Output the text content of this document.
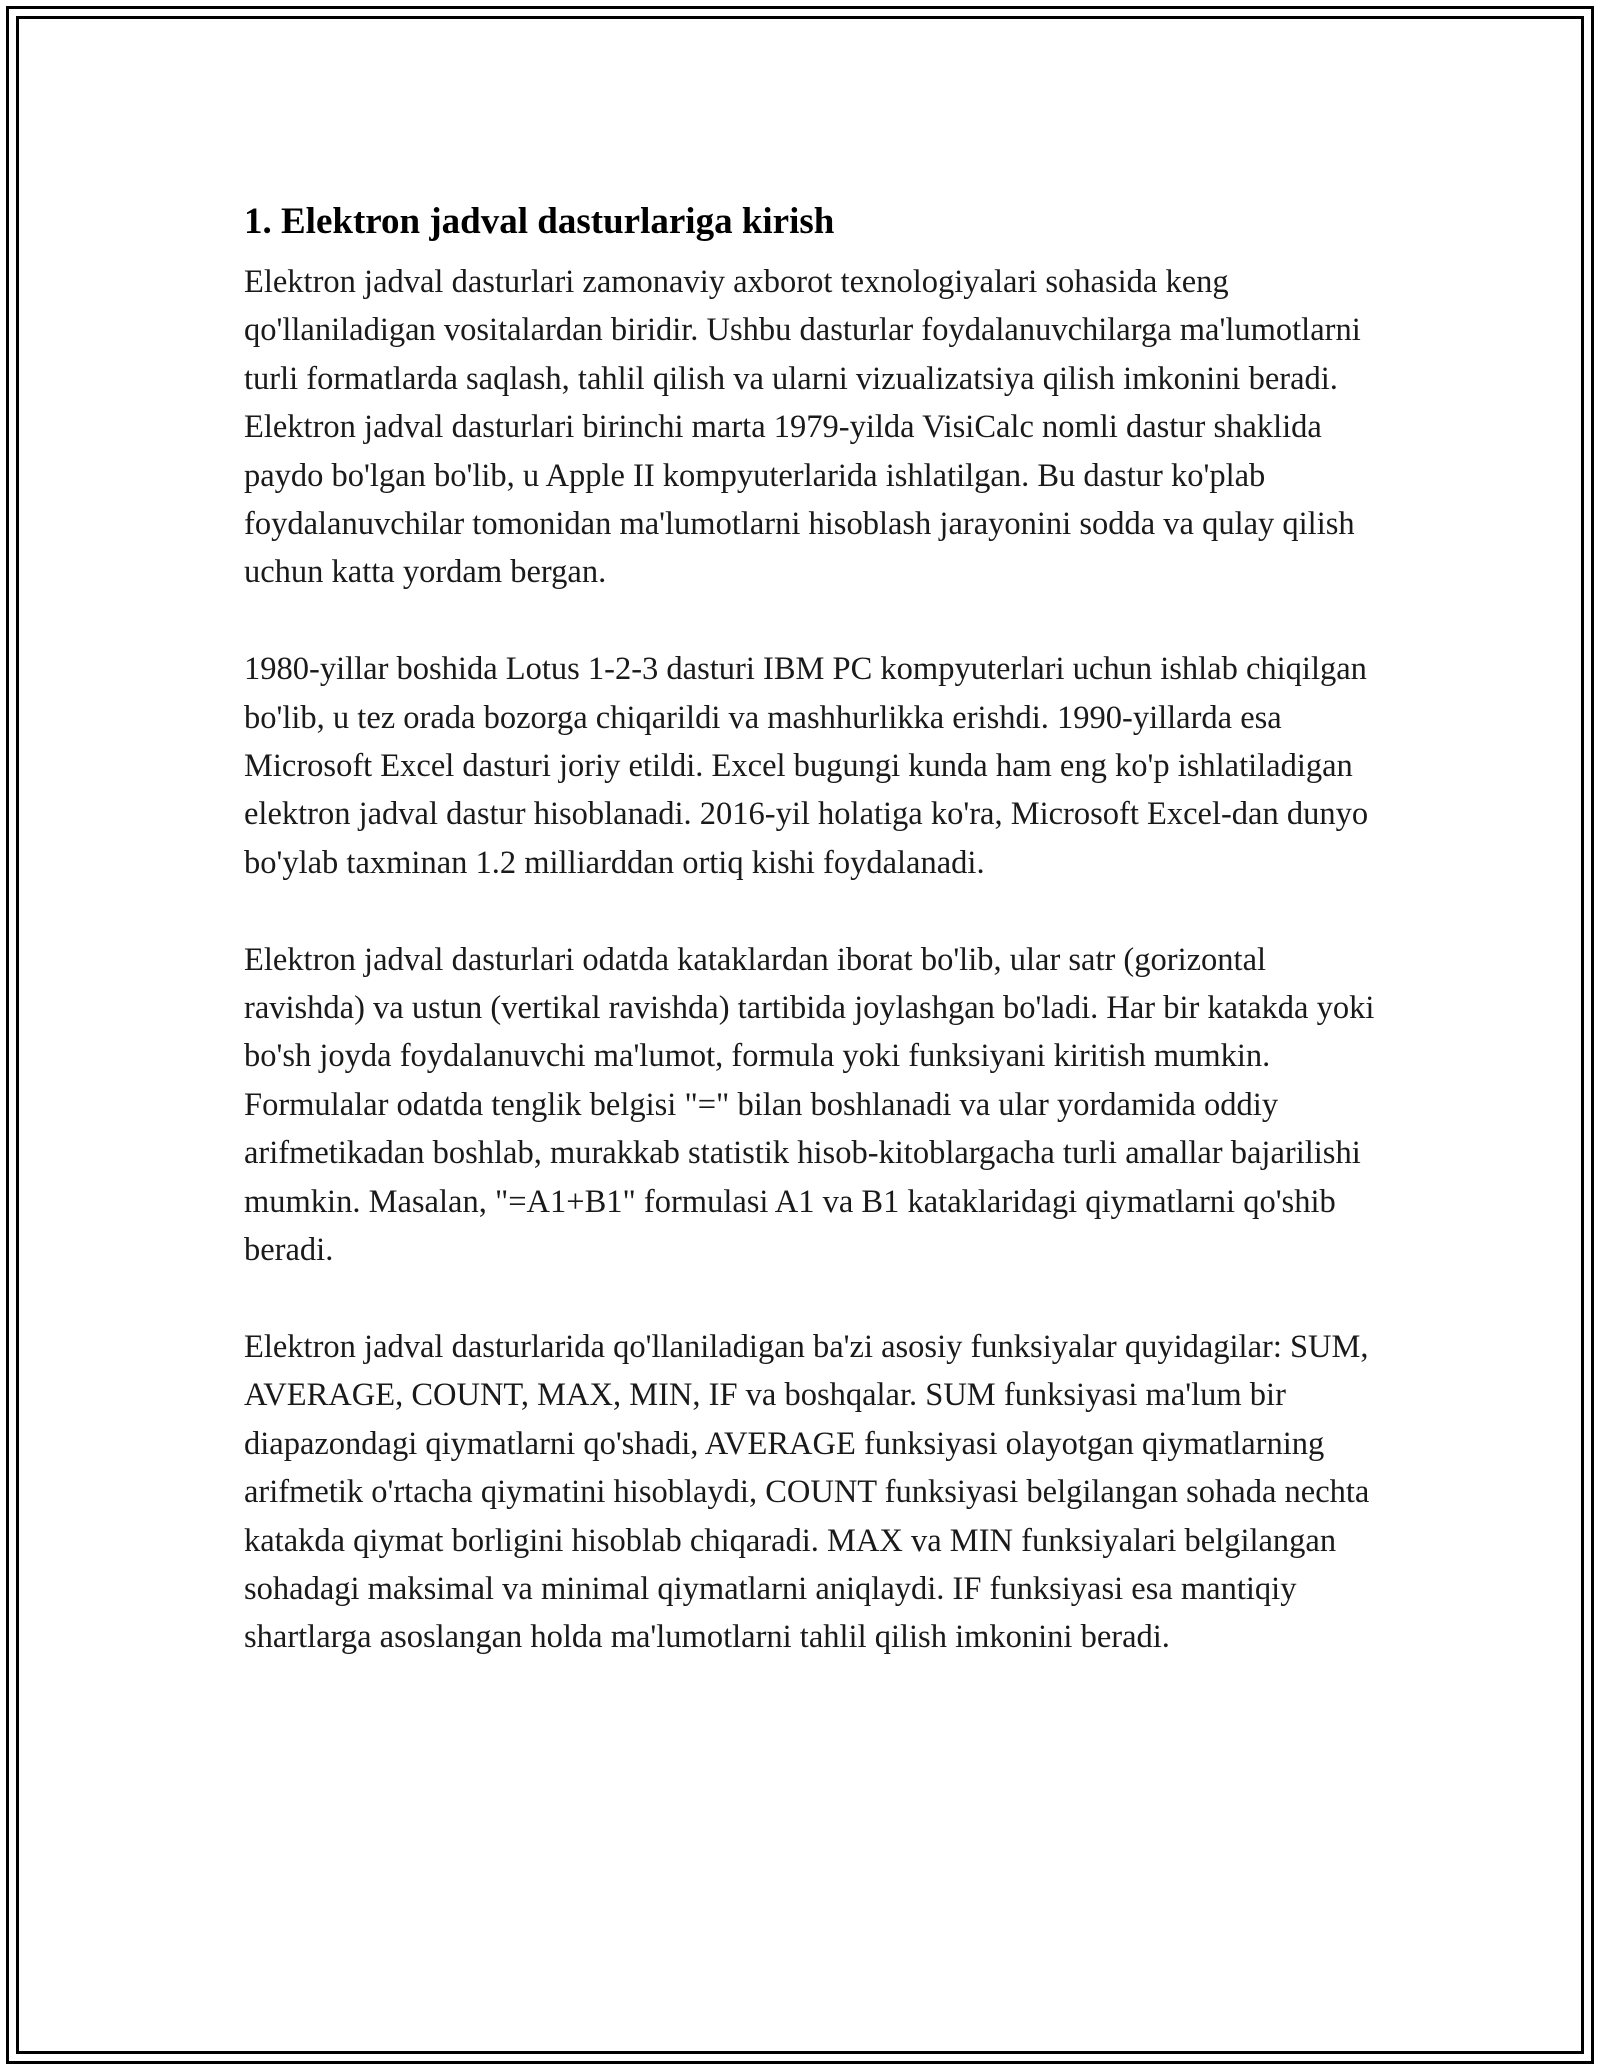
1. Elektron jadval dasturlariga kirish

Elektron jadval dasturlari zamonaviy axborot texnologiyalari sohasida keng qo'llaniladigan vositalardan biridir. Ushbu dasturlar foydalanuvchilarga ma'lumotlarni turli formatlarda saqlash, tahlil qilish va ularni vizualizatsiya qilish imkonini beradi. Elektron jadval dasturlari birinchi marta 1979-yilda VisiCalc nomli dastur shaklida paydo bo'lgan bo'lib, u Apple II kompyuterlarida ishlatilgan. Bu dastur ko'plab foydalanuvchilar tomonidan ma'lumotlarni hisoblash jarayonini sodda va qulay qilish uchun katta yordam bergan.

1980-yillar boshida Lotus 1-2-3 dasturi IBM PC kompyuterlari uchun ishlab chiqilgan bo'lib, u tez orada bozorga chiqarildi va mashhurlikka erishdi. 1990-yillarda esa Microsoft Excel dasturi joriy etildi. Excel bugungi kunda ham eng ko'p ishlatiladigan elektron jadval dastur hisoblanadi. 2016-yil holatiga ko'ra, Microsoft Excel-dan dunyo bo'ylab taxminan 1.2 milliarddan ortiq kishi foydalanadi.

Elektron jadval dasturlari odatda kataklardan iborat bo'lib, ular satr (gorizontal ravishda) va ustun (vertikal ravishda) tartibida joylashgan bo'ladi. Har bir katakda yoki bo'sh joyda foydalanuvchi ma'lumot, formula yoki funksiyani kiritish mumkin. Formulalar odatda tenglik belgisi "=" bilan boshlanadi va ular yordamida oddiy arifmetikadan boshlab, murakkab statistik hisob-kitoblargacha turli amallar bajarilishi mumkin. Masalan, "=A1+B1" formulasi A1 va B1 kataklaridagi qiymatlarni qo'shib beradi.

Elektron jadval dasturlarida qo'llaniladigan ba'zi asosiy funksiyalar quyidagilar: SUM, AVERAGE, COUNT, MAX, MIN, IF va boshqalar. SUM funksiyasi ma'lum bir diapazondagi qiymatlarni qo'shadi, AVERAGE funksiyasi olayotgan qiymatlarning arifmetik o'rtacha qiymatini hisoblaydi, COUNT funksiyasi belgilangan sohada nechta katakda qiymat borligini hisoblab chiqaradi. MAX va MIN funksiyalari belgilangan sohadagi maksimal va minimal qiymatlarni aniqlaydi. IF funksiyasi esa mantiqiy shartlarga asoslangan holda ma'lumotlarni tahlil qilish imkonini beradi.
